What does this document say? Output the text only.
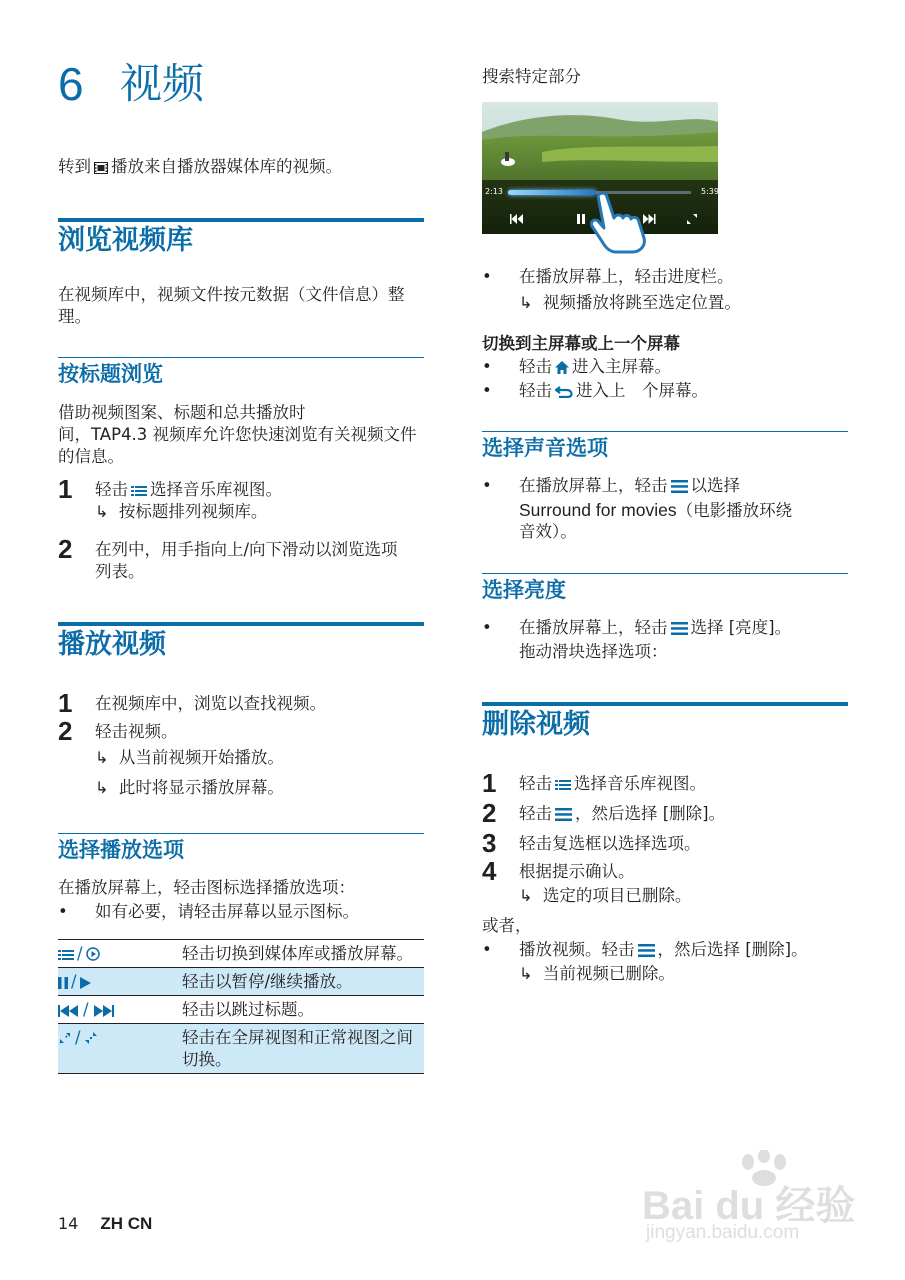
6 视频

转到 播放来自播放器媒体库的视频。

浏览视频库

在视频库中，视频文件按元数据（文件信息）整理。

按标题浏览

借助视频图案、标题和总共播放时

间，TAP4.3 视频库允许您快速浏览有关视频文件的信息。

1 轻击 选择音乐库视图。

↳ 按标题排列视频库。

2 在列中，用手指向上/向下滑动以浏览选项列表。

播放视频
1 在视频库中，浏览以查找视频。

2 轻击视频。

↳ 从当前视频开始播放。

↳ 此时将显示播放屏幕。

选择播放选项

在播放屏幕上，轻击图标选择播放选项：

• 如有必要，请轻击屏幕以显示图标。

/	轻击切换到媒体库或播放屏幕。
/	轻击以暂停/继续播放。
/	轻击以跳过标题。
/	轻击在全屏视图和正常视图之间切换。
14 ZH CN

搜索特定部分

2:13	5:39

• 在播放屏幕上，轻击进度栏。

↳ 视频播放将跳至选定位置。

切换到主屏幕或上一个屏幕

• 轻击 进入主屏幕。

• 轻击 进入上　个屏幕。

选择声音选项

• 在播放屏幕上，轻击 以选择

Surround for movies（电影播放环绕

音效）。

选择亮度

• 在播放屏幕上，轻击 选择 [亮度]。

拖动滑块选择选项：

删除视频
1 轻击 选择音乐库视图。

2 轻击 ，然后选择 [删除]。

3 轻击复选框以选择选项。

4 根据提示确认。

↳ 选定的项目已删除。

或者，

• 播放视频。轻击 ，然后选择 [删除]。

↳ 当前视频已删除。

Bai du 经验
jingyan.baidu.com
